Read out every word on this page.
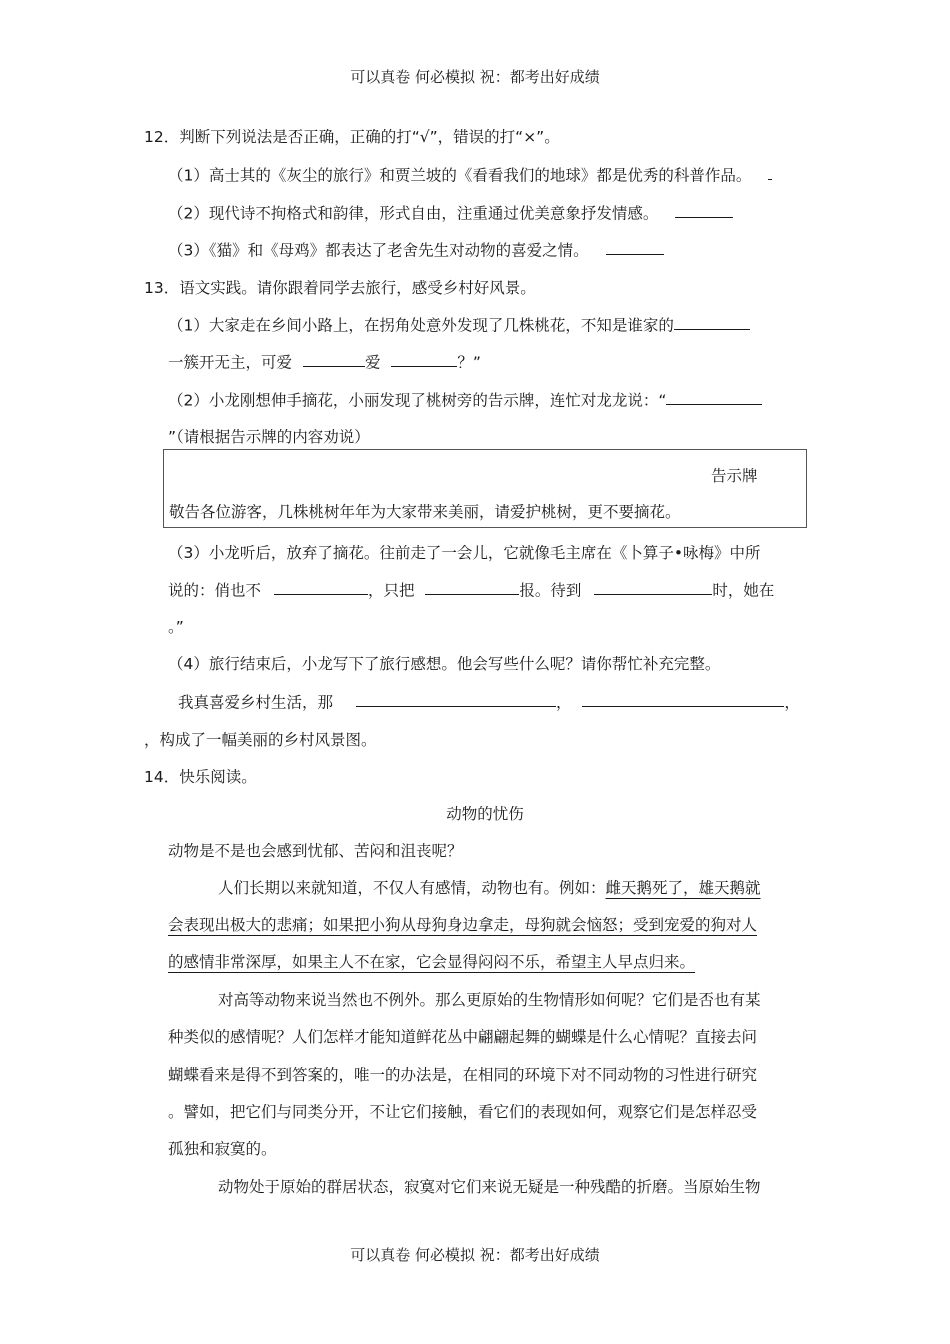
可以真卷 何必模拟 祝：都考出好成绩
12．判断下列说法是否正确，正确的打“√”，错误的打“×”。
（1）高士其的《灰尘的旅行》和贾兰坡的《看看我们的地球》都是优秀的科普作品。
（2）现代诗不拘格式和韵律，形式自由，注重通过优美意象抒发情感。
（3）《猫》和《母鸡》都表达了老舍先生对动物的喜爱之情。
13．语文实践。请你跟着同学去旅行，感受乡村好风景。
（1）大家走在乡间小路上，在拐角处意外发现了几株桃花，不知是谁家的
一簇开无主，可爱	爱	？”
（2）小龙刚想伸手摘花，小丽发现了桃树旁的告示牌，连忙对龙龙说：“
”（请根据告示牌的内容劝说）
告示牌
敬告各位游客，几株桃树年年为大家带来美丽，请爱护桃树，更不要摘花。
（3）小龙听后，放弃了摘花。往前走了一会儿，它就像毛主席在《卜算子•咏梅》中所
说的：俏也不	，只把	报。待到	时，她在
。”
（4）旅行结束后，小龙写下了旅行感想。他会写些什么呢？请你帮忙补充完整。
我真喜爱乡村生活，那	，	，
，构成了一幅美丽的乡村风景图。
14．快乐阅读。
动物的忧伤
动物是不是也会感到忧郁、苦闷和沮丧呢？
人们长期以来就知道，不仅人有感情，动物也有。例如：雌天鹅死了，雄天鹅就
会表现出极大的悲痛；如果把小狗从母狗身边拿走，母狗就会恼怒；受到宠爱的狗对人
的感情非常深厚，如果主人不在家，它会显得闷闷不乐，希望主人早点归来。
对高等动物来说当然也不例外。那么更原始的生物情形如何呢？它们是否也有某
种类似的感情呢？人们怎样才能知道鲜花丛中翩翩起舞的蝴蝶是什么心情呢？直接去问
蝴蝶看来是得不到答案的，唯一的办法是，在相同的环境下对不同动物的习性进行研究
。譬如，把它们与同类分开，不让它们接触，看它们的表现如何，观察它们是怎样忍受
孤独和寂寞的。
动物处于原始的群居状态，寂寞对它们来说无疑是一种残酷的折磨。当原始生物
可以真卷 何必模拟 祝：都考出好成绩
